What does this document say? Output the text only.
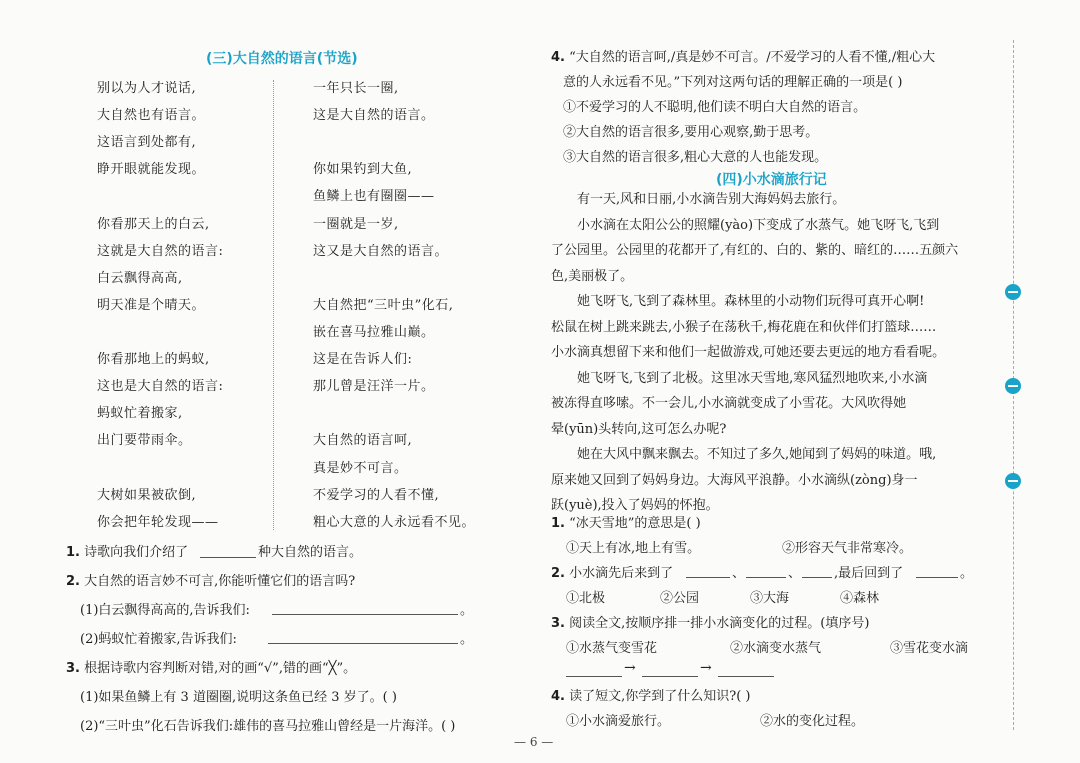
(三)大自然的语言(节选)
别以为人才说话,
大自然也有语言。
这语言到处都有,
睁开眼就能发现。
你看那天上的白云,
这就是大自然的语言:
白云飘得高高,
明天准是个晴天。
你看那地上的蚂蚁,
这也是大自然的语言:
蚂蚁忙着搬家,
出门要带雨伞。
大树如果被砍倒,
你会把年轮发现——
一年只长一圈,
这是大自然的语言。
你如果钓到大鱼,
鱼鳞上也有圈圈——
一圈就是一岁,
这又是大自然的语言。
大自然把“三叶虫”化石,
嵌在喜马拉雅山巅。
这是在告诉人们:
那儿曾是汪洋一片。
大自然的语言呵,
真是妙不可言。
不爱学习的人看不懂,
粗心大意的人永远看不见。
1. 诗歌向我们介绍了	种大自然的语言。
2. 大自然的语言妙不可言,你能听懂它们的语言吗?
(1)白云飘得高高的,告诉我们:	。
(2)蚂蚁忙着搬家,告诉我们:	。
3. 根据诗歌内容判断对错,对的画“√”,错的画“╳”。
(1)如果鱼鳞上有 3 道圈圈,说明这条鱼已经 3 岁了。( )
(2)“三叶虫”化石告诉我们:雄伟的喜马拉雅山曾经是一片海洋。( )
4. “大自然的语言呵,/真是妙不可言。/不爱学习的人看不懂,/粗心大
意的人永远看不见。”下列对这两句话的理解正确的一项是( )
①不爱学习的人不聪明,他们读不明白大自然的语言。
②大自然的语言很多,要用心观察,勤于思考。
③大自然的语言很多,粗心大意的人也能发现。
(四)小水滴旅行记
有一天,风和日丽,小水滴告别大海妈妈去旅行。
小水滴在太阳公公的照耀(yào)下变成了水蒸气。她飞呀飞,飞到
了公园里。公园里的花都开了,有红的、白的、紫的、暗红的……五颜六
色,美丽极了。
她飞呀飞,飞到了森林里。森林里的小动物们玩得可真开心啊!
松鼠在树上跳来跳去,小猴子在荡秋千,梅花鹿在和伙伴们打篮球……
小水滴真想留下来和他们一起做游戏,可她还要去更远的地方看看呢。
她飞呀飞,飞到了北极。这里冰天雪地,寒风猛烈地吹来,小水滴
被冻得直哆嗦。不一会儿,小水滴就变成了小雪花。大风吹得她
晕(yūn)头转向,这可怎么办呢?
她在大风中飘来飘去。不知过了多久,她闻到了妈妈的味道。哦,
原来她又回到了妈妈身边。大海风平浪静。小水滴纵(zòng)身一
跃(yuè),投入了妈妈的怀抱。
1. “冰天雪地”的意思是( )
①天上有冰,地上有雪。	②形容天气非常寒冷。
2. 小水滴先后来到了	、	、	,最后回到了	。
①北极	②公园	③大海	④森林
3. 阅读全文,按顺序排一排小水滴变化的过程。(填序号)
①水蒸气变雪花	②水滴变水蒸气	③雪花变水滴
→	→
4. 读了短文,你学到了什么知识?( )
①小水滴爱旅行。	②水的变化过程。
— 6 —
